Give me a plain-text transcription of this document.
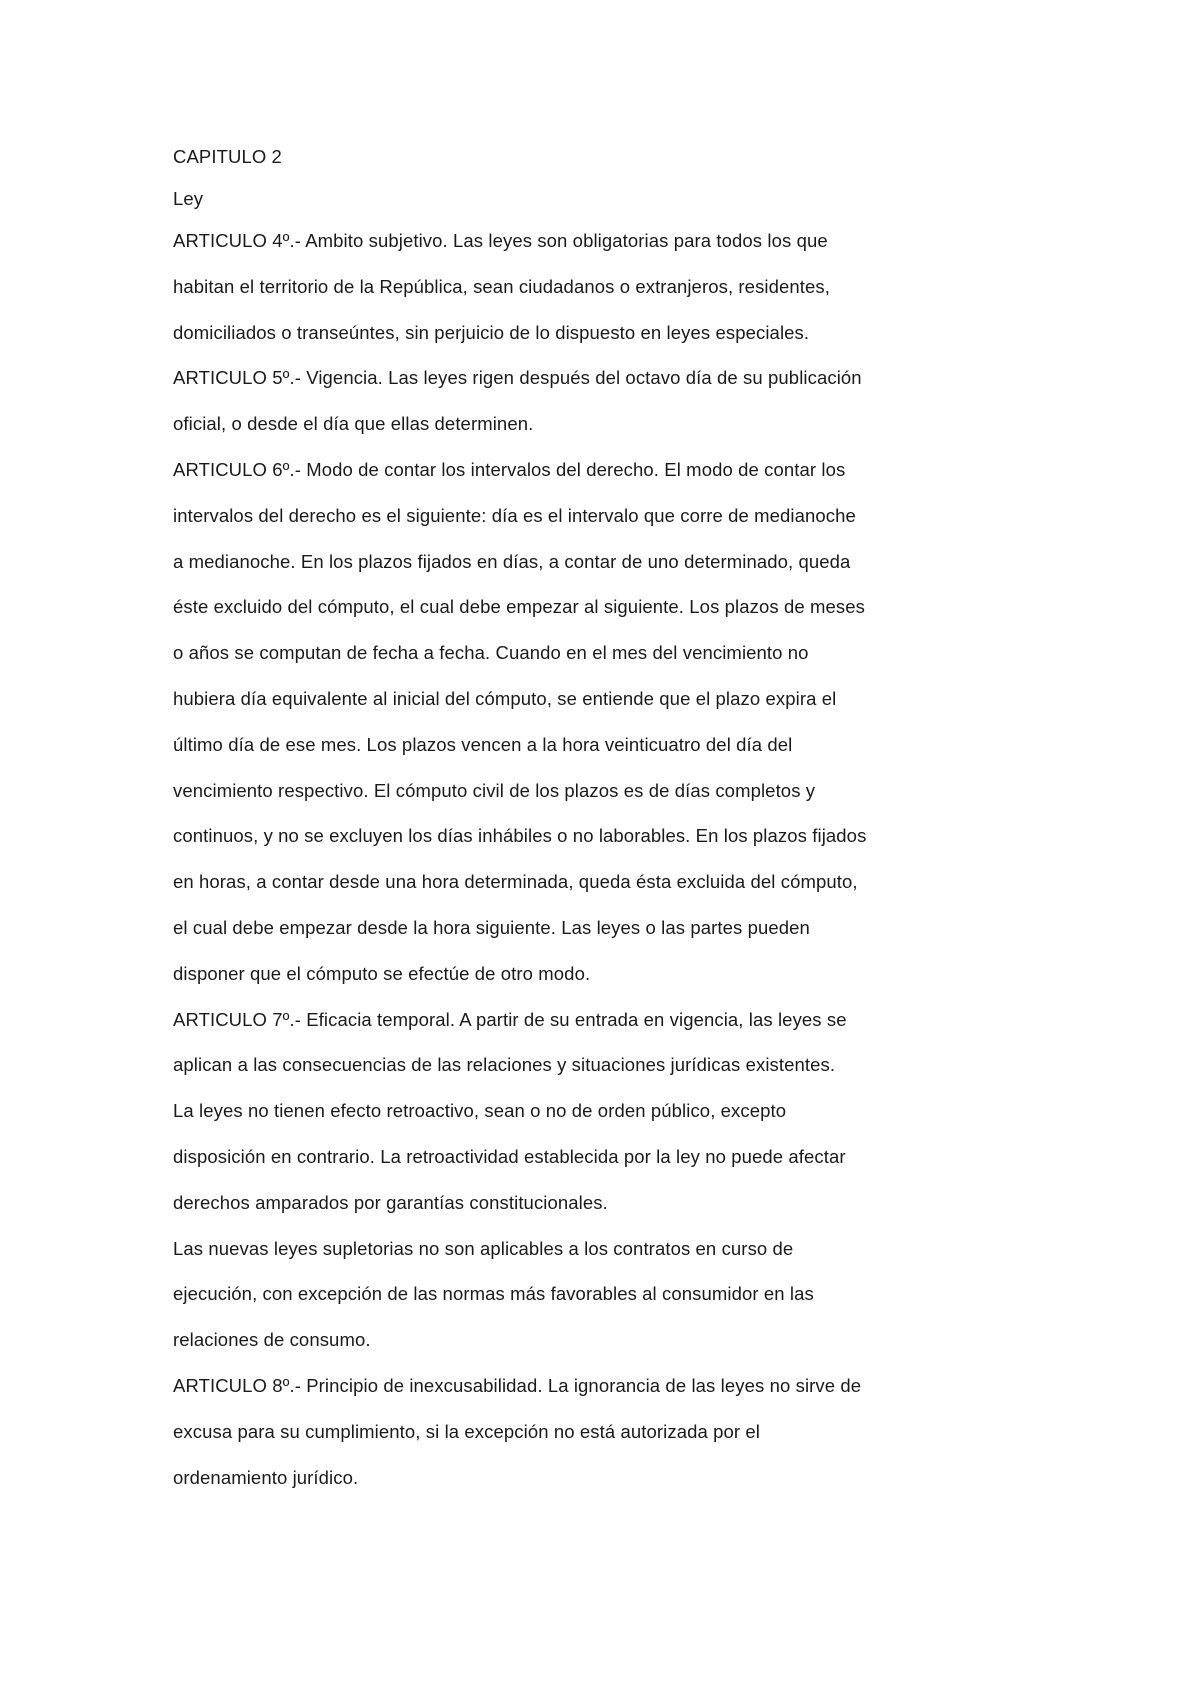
CAPITULO 2
Ley
ARTICULO 4º.- Ambito subjetivo. Las leyes son obligatorias para todos los que
habitan el territorio de la República, sean ciudadanos o extranjeros, residentes,
domiciliados o transeúntes, sin perjuicio de lo dispuesto en leyes especiales.
ARTICULO 5º.- Vigencia. Las leyes rigen después del octavo día de su publicación
oficial, o desde el día que ellas determinen.
ARTICULO 6º.- Modo de contar los intervalos del derecho. El modo de contar los
intervalos del derecho es el siguiente: día es el intervalo que corre de medianoche
a medianoche. En los plazos fijados en días, a contar de uno determinado, queda
éste excluido del cómputo, el cual debe empezar al siguiente. Los plazos de meses
o años se computan de fecha a fecha. Cuando en el mes del vencimiento no
hubiera día equivalente al inicial del cómputo, se entiende que el plazo expira el
último día de ese mes. Los plazos vencen a la hora veinticuatro del día del
vencimiento respectivo. El cómputo civil de los plazos es de días completos y
continuos, y no se excluyen los días inhábiles o no laborables. En los plazos fijados
en horas, a contar desde una hora determinada, queda ésta excluida del cómputo,
el cual debe empezar desde la hora siguiente. Las leyes o las partes pueden
disponer que el cómputo se efectúe de otro modo.
ARTICULO 7º.- Eficacia temporal. A partir de su entrada en vigencia, las leyes se
aplican a las consecuencias de las relaciones y situaciones jurídicas existentes.
La leyes no tienen efecto retroactivo, sean o no de orden público, excepto
disposición en contrario. La retroactividad establecida por la ley no puede afectar
derechos amparados por garantías constitucionales.
Las nuevas leyes supletorias no son aplicables a los contratos en curso de
ejecución, con excepción de las normas más favorables al consumidor en las
relaciones de consumo.
ARTICULO 8º.- Principio de inexcusabilidad. La ignorancia de las leyes no sirve de
excusa para su cumplimiento, si la excepción no está autorizada por el
ordenamiento jurídico.
